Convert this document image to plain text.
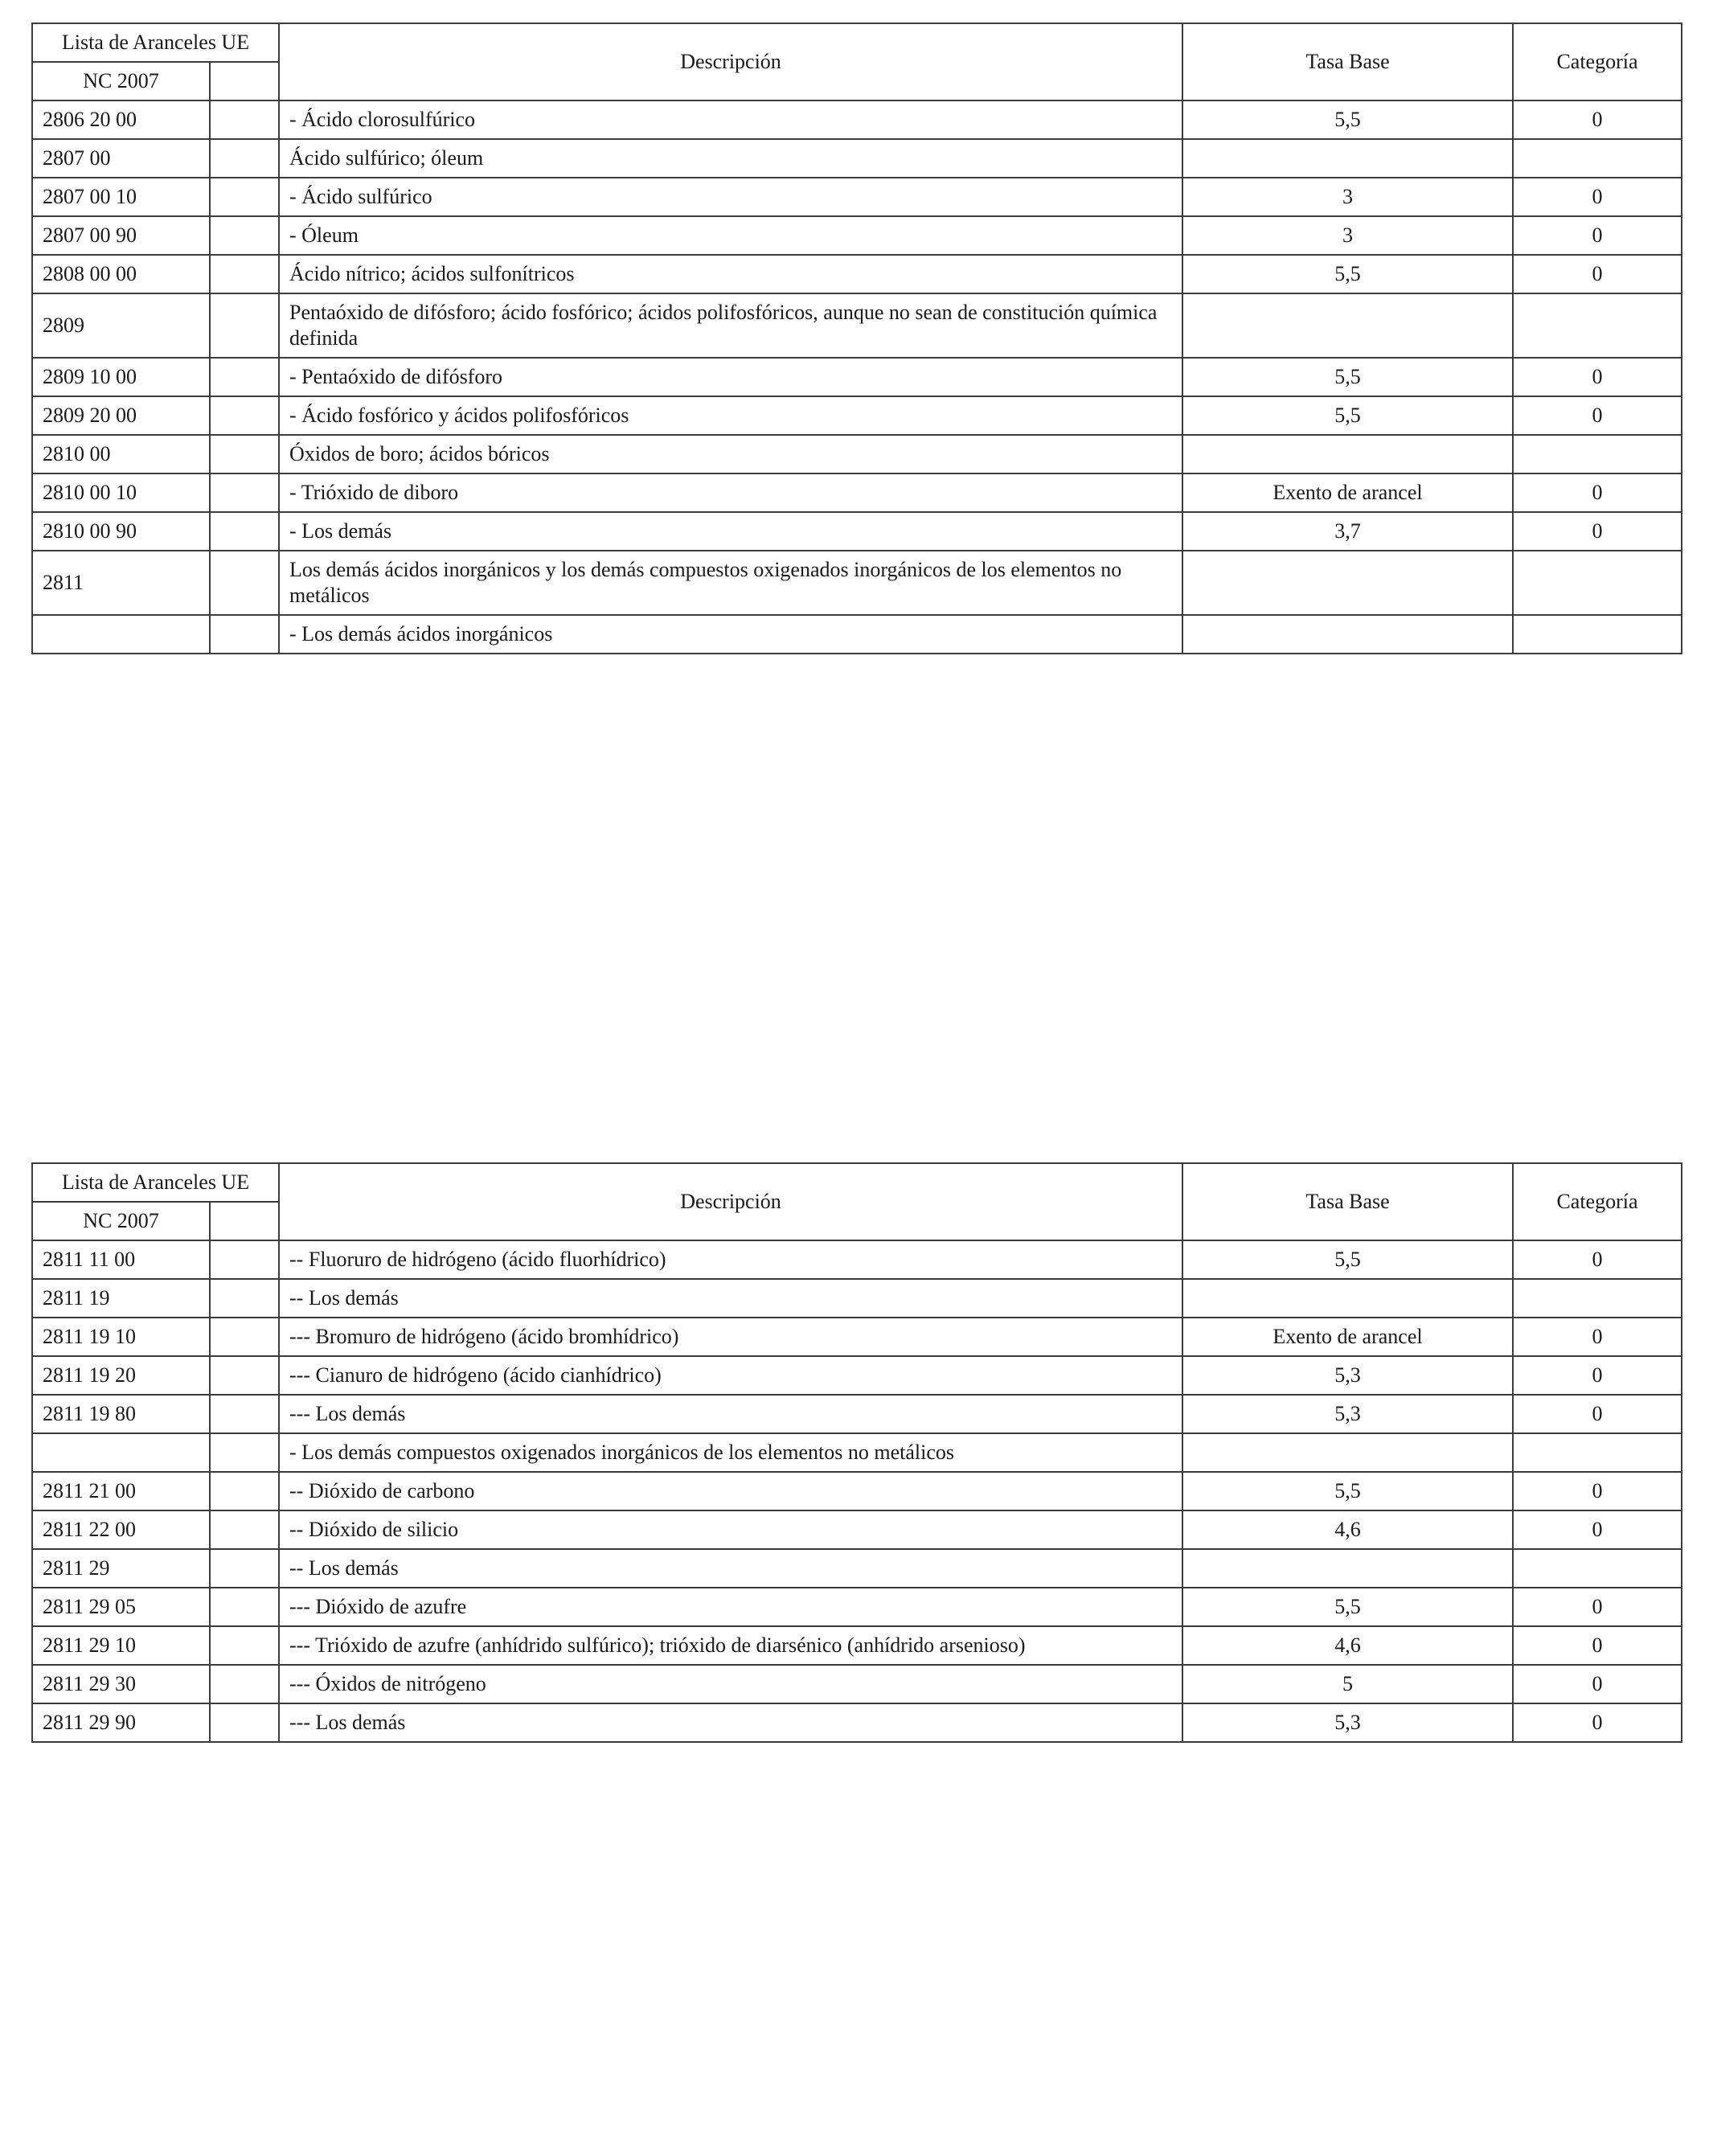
Lista de Aranceles UE		Descripción	Tasa Base	Categoría
NC 2007				
2806 20 00		- Ácido clorosulfúrico	5,5	0
2807 00		Ácido sulfúrico; óleum		
2807 00 10		- Ácido sulfúrico	3	0
2807 00 90		- Óleum	3	0
2808 00 00		Ácido nítrico; ácidos sulfonítricos	5,5	0
2809		Pentaóxido de difósforo; ácido fosfórico; ácidos polifosfóricos, aunque no sean de constitución química definida		
2809 10 00		- Pentaóxido de difósforo	5,5	0
2809 20 00		- Ácido fosfórico y ácidos polifosfóricos	5,5	0
2810 00		Óxidos de boro; ácidos bóricos		
2810 00 10		- Trióxido de diboro	Exento de arancel	0
2810 00 90		- Los demás	3,7	0
2811		Los demás ácidos inorgánicos y los demás compuestos oxigenados inorgánicos de los elementos no metálicos		
		- Los demás ácidos inorgánicos		
Lista de Aranceles UE		Descripción	Tasa Base	Categoría
NC 2007				
2811 11 00		-- Fluoruro de hidrógeno (ácido fluorhídrico)	5,5	0
2811 19		-- Los demás		
2811 19 10		--- Bromuro de hidrógeno (ácido bromhídrico)	Exento de arancel	0
2811 19 20		--- Cianuro de hidrógeno (ácido cianhídrico)	5,3	0
2811 19 80		--- Los demás	5,3	0
		- Los demás compuestos oxigenados inorgánicos de los elementos no metálicos		
2811 21 00		-- Dióxido de carbono	5,5	0
2811 22 00		-- Dióxido de silicio	4,6	0
2811 29		-- Los demás		
2811 29 05		--- Dióxido de azufre	5,5	0
2811 29 10		--- Trióxido de azufre (anhídrido sulfúrico); trióxido de diarsénico (anhídrido arsenioso)	4,6	0
2811 29 30		--- Óxidos de nitrógeno	5	0
2811 29 90		--- Los demás	5,3	0
